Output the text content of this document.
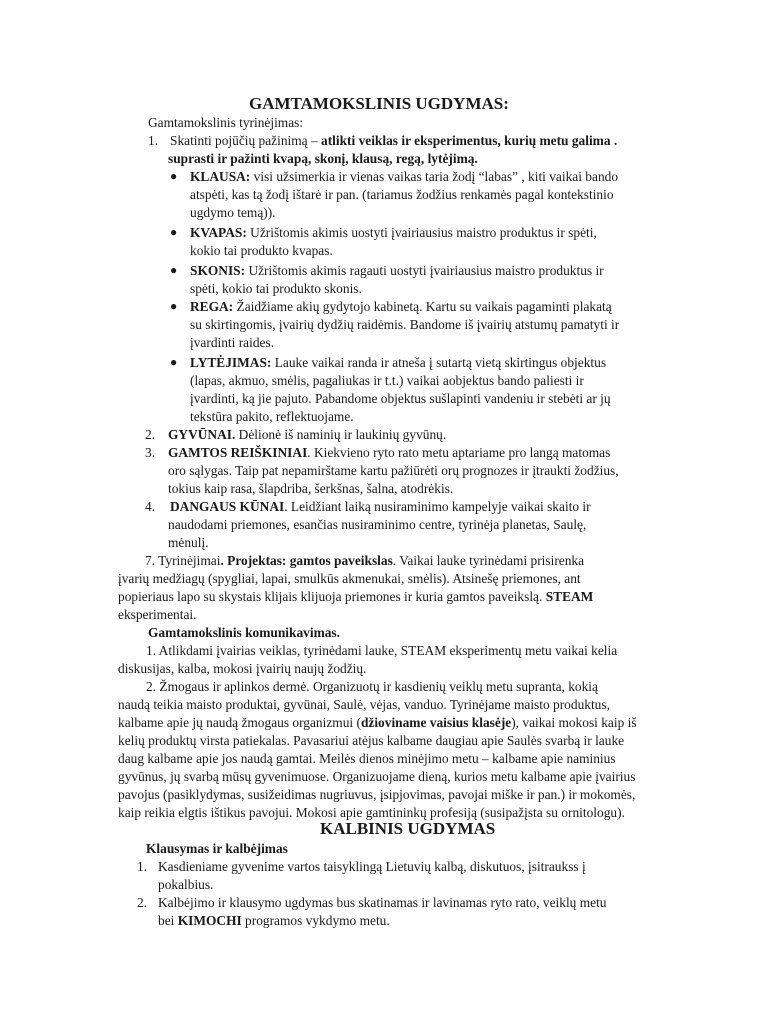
GAMTAMOKSLINIS UGDYMAS:
Gamtamokslinis tyrinėjimas:
1. Skatinti pojūčių pažinimą – atlikti veiklas ir eksperimentus, kurių metu galima .
suprasti ir pažinti kvapą, skonį, klausą, regą, lytėjimą.
● KLAUSA: visi užsimerkia ir vienas vaikas taria žodį “labas” , kiti vaikai bando
atspėti, kas tą žodį ištarė ir pan. (tariamus žodžius renkamės pagal kontekstinio
ugdymo temą)).
● KVAPAS: Užrištomis akimis uostyti įvairiausius maistro produktus ir spėti,
kokio tai produkto kvapas.
● SKONIS: Užrištomis akimis ragauti uostyti įvairiausius maistro produktus ir
spėti, kokio tai produkto skonis.
● REGA: Žaidžiame akių gydytojo kabinetą. Kartu su vaikais pagaminti plakatą
su skirtingomis, įvairių dydžių raidėmis. Bandome iš įvairių atstumų pamatyti ir
įvardinti raides.
● LYTĖJIMAS: Lauke vaikai randa ir atneša į sutartą vietą skirtingus objektus
(lapas, akmuo, smėlis, pagaliukas ir t.t.) vaikai aobjektus bando paliesti ir
įvardinti, ką jie pajuto. Pabandome objektus sušlapinti vandeniu ir stebėti ar jų
tekstūra pakito, reflektuojame.
2. GYVŪNAI. Dėlionė iš naminių ir laukinių gyvūnų.
3. GAMTOS REIŠKINIAI. Kiekvieno ryto rato metu aptariame pro langą matomas
oro sąlygas. Taip pat nepamirštame kartu pažiūrėti orų prognozes ir įtraukti žodžius,
tokius kaip rasa, šlapdriba, šerkšnas, šalna, atodrėkis.
4. DANGAUS KŪNAI. Leidžiant laiką nusiraminimo kampelyje vaikai skaito ir
naudodami priemones, esančias nusiraminimo centre, tyrinėja planetas, Saulę,
mėnulį.
7. Tyrinėjimai. Projektas: gamtos paveikslas. Vaikai lauke tyrinėdami prisirenka
įvarių medžiagų (spygliai, lapai, smulkūs akmenukai, smėlis). Atsinešę priemones, ant
popieriaus lapo su skystais klijais klijuoja priemones ir kuria gamtos paveikslą. STEAM
eksperimentai.
Gamtamokslinis komunikavimas.
1. Atlikdami įvairias veiklas, tyrinėdami lauke, STEAM eksperimentų metu vaikai kelia
diskusijas, kalba, mokosi įvairių naujų žodžių.
2. Žmogaus ir aplinkos dermė. Organizuotų ir kasdienių veiklų metu supranta, kokią
naudą teikia maisto produktai, gyvūnai, Saulė, vėjas, vanduo. Tyrinėjame maisto produktus,
kalbame apie jų naudą žmogaus organizmui (džioviname vaisius klasėje), vaikai mokosi kaip iš
kelių produktų virsta patiekalas. Pavasariui atėjus kalbame daugiau apie Saulės svarbą ir lauke
daug kalbame apie jos naudą gamtai. Meilės dienos minėjimo metu – kalbame apie naminius
gyvūnus, jų svarbą mūsų gyvenimuose. Organizuojame dieną, kurios metu kalbame apie įvairius
pavojus (pasiklydymas, susižeidimas nugriuvus, įsipjovimas, pavojai miške ir pan.) ir mokomės,
kaip reikia elgtis ištikus pavojui. Mokosi apie gamtininkų profesiją (susipažįsta su ornitologu).
KALBINIS UGDYMAS
Klausymas ir kalbėjimas
1. Kasdieniame gyvenime vartos taisyklingą Lietuvių kalbą, diskutuos, įsitraukss į
pokalbius.
2. Kalbėjimo ir klausymo ugdymas bus skatinamas ir lavinamas ryto rato, veiklų metu
bei KIMOCHI programos vykdymo metu.
